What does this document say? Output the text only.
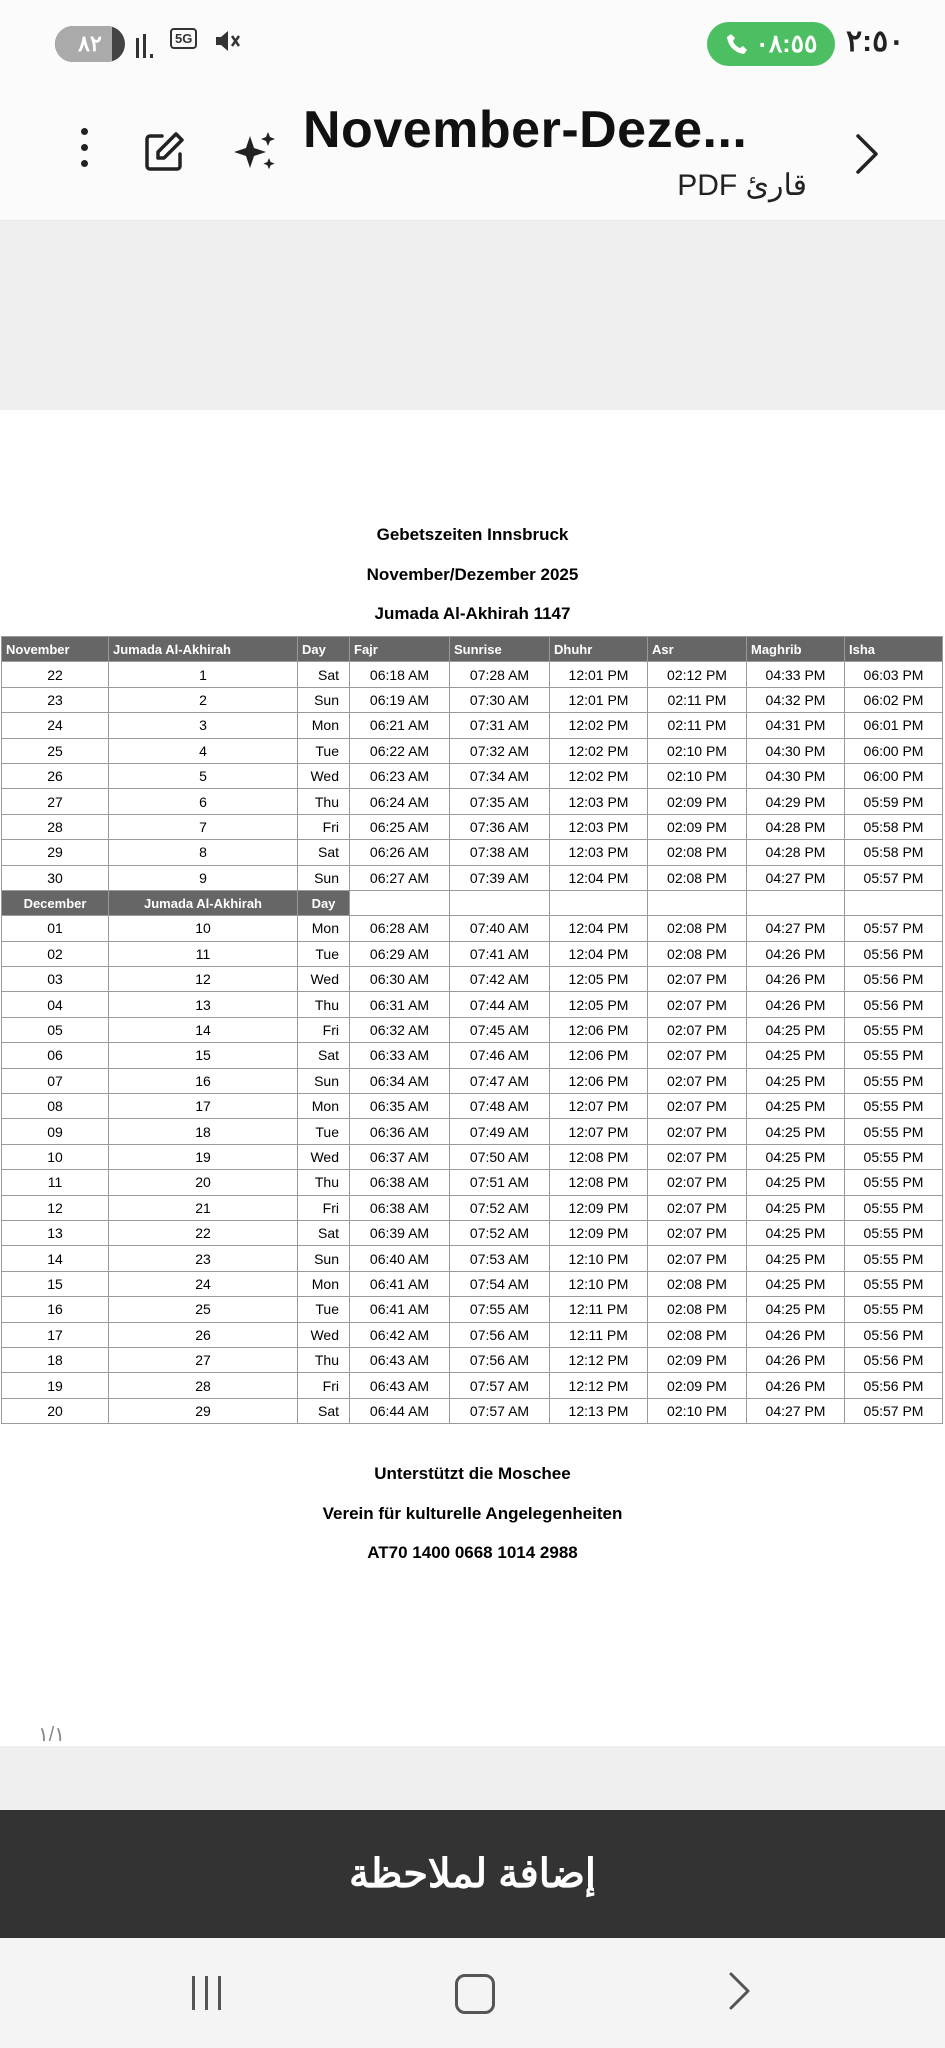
٨٢	5G	٠٨:٥٥ ٢:٥٠
November-Deze...
قارئ PDF
Gebetszeiten Innsbruck
November/Dezember 2025
Jumada Al-Akhirah 1147
November	Jumada Al-Akhirah	Day	Fajr	Sunrise	Dhuhr	Asr	Maghrib	Isha
22	1	Sat	06:18 AM	07:28 AM	12:01 PM	02:12 PM	04:33 PM	06:03 PM
23	2	Sun	06:19 AM	07:30 AM	12:01 PM	02:11 PM	04:32 PM	06:02 PM
24	3	Mon	06:21 AM	07:31 AM	12:02 PM	02:11 PM	04:31 PM	06:01 PM
25	4	Tue	06:22 AM	07:32 AM	12:02 PM	02:10 PM	04:30 PM	06:00 PM
26	5	Wed	06:23 AM	07:34 AM	12:02 PM	02:10 PM	04:30 PM	06:00 PM
27	6	Thu	06:24 AM	07:35 AM	12:03 PM	02:09 PM	04:29 PM	05:59 PM
28	7	Fri	06:25 AM	07:36 AM	12:03 PM	02:09 PM	04:28 PM	05:58 PM
29	8	Sat	06:26 AM	07:38 AM	12:03 PM	02:08 PM	04:28 PM	05:58 PM
30	9	Sun	06:27 AM	07:39 AM	12:04 PM	02:08 PM	04:27 PM	05:57 PM
December	Jumada Al-Akhirah	Day						
01	10	Mon	06:28 AM	07:40 AM	12:04 PM	02:08 PM	04:27 PM	05:57 PM
02	11	Tue	06:29 AM	07:41 AM	12:04 PM	02:08 PM	04:26 PM	05:56 PM
03	12	Wed	06:30 AM	07:42 AM	12:05 PM	02:07 PM	04:26 PM	05:56 PM
04	13	Thu	06:31 AM	07:44 AM	12:05 PM	02:07 PM	04:26 PM	05:56 PM
05	14	Fri	06:32 AM	07:45 AM	12:06 PM	02:07 PM	04:25 PM	05:55 PM
06	15	Sat	06:33 AM	07:46 AM	12:06 PM	02:07 PM	04:25 PM	05:55 PM
07	16	Sun	06:34 AM	07:47 AM	12:06 PM	02:07 PM	04:25 PM	05:55 PM
08	17	Mon	06:35 AM	07:48 AM	12:07 PM	02:07 PM	04:25 PM	05:55 PM
09	18	Tue	06:36 AM	07:49 AM	12:07 PM	02:07 PM	04:25 PM	05:55 PM
10	19	Wed	06:37 AM	07:50 AM	12:08 PM	02:07 PM	04:25 PM	05:55 PM
11	20	Thu	06:38 AM	07:51 AM	12:08 PM	02:07 PM	04:25 PM	05:55 PM
12	21	Fri	06:38 AM	07:52 AM	12:09 PM	02:07 PM	04:25 PM	05:55 PM
13	22	Sat	06:39 AM	07:52 AM	12:09 PM	02:07 PM	04:25 PM	05:55 PM
14	23	Sun	06:40 AM	07:53 AM	12:10 PM	02:07 PM	04:25 PM	05:55 PM
15	24	Mon	06:41 AM	07:54 AM	12:10 PM	02:08 PM	04:25 PM	05:55 PM
16	25	Tue	06:41 AM	07:55 AM	12:11 PM	02:08 PM	04:25 PM	05:55 PM
17	26	Wed	06:42 AM	07:56 AM	12:11 PM	02:08 PM	04:26 PM	05:56 PM
18	27	Thu	06:43 AM	07:56 AM	12:12 PM	02:09 PM	04:26 PM	05:56 PM
19	28	Fri	06:43 AM	07:57 AM	12:12 PM	02:09 PM	04:26 PM	05:56 PM
20	29	Sat	06:44 AM	07:57 AM	12:13 PM	02:10 PM	04:27 PM	05:57 PM
Unterstützt die Moschee
Verein für kulturelle Angelegenheiten
AT70 1400 0668 1014 2988
١/١
إضافة لملاحظة
